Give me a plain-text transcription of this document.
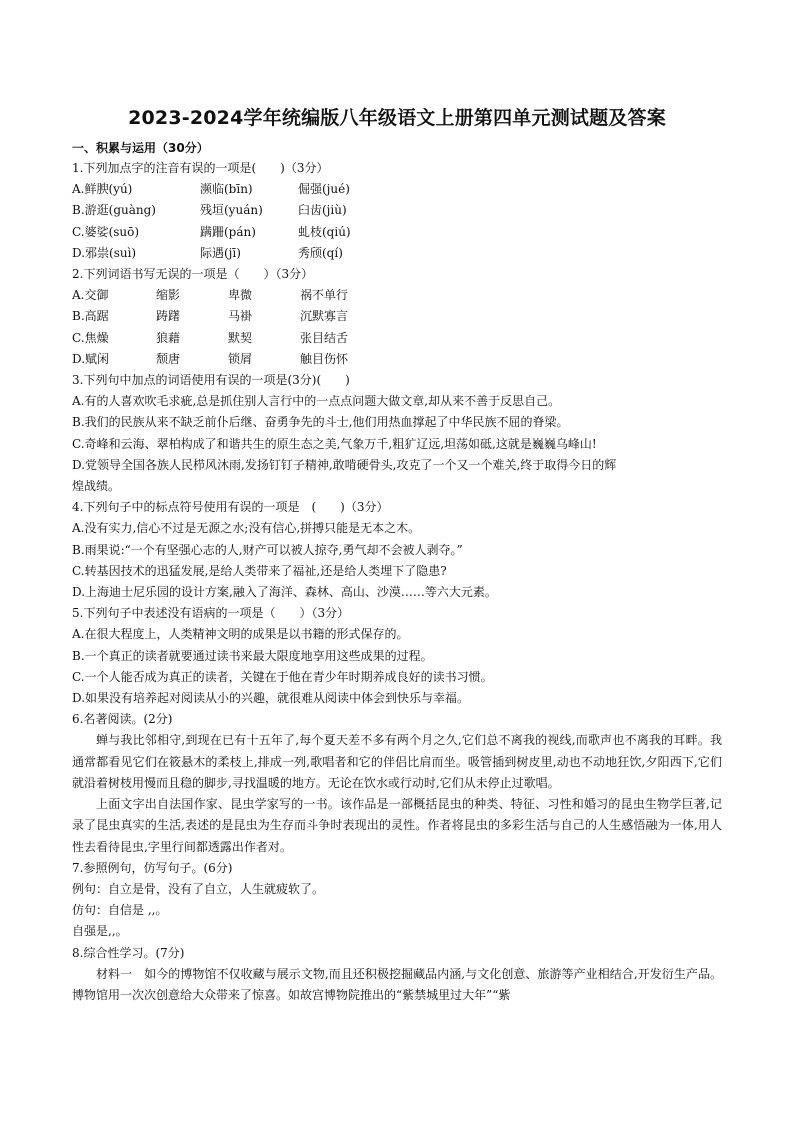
2023-2024学年统编版八年级语文上册第四单元测试题及答案
一、积累与运用（30分）
1.下列加点字的注音有误的一项是(　　)（3分）
A.鲜腴(yú)	濒临(bīn)	倔强(jué)
B.游逛(guàng)	残垣(yuán)	臼齿(jiù)
C.婆娑(suō)	蹒跚(pán)	虬枝(qiú)
D.邪祟(suì)	际遇(jī)	秀颀(qí)
2.下列词语书写无误的一项是（　　）（3分）
A.交御	缩影	卑微	祸不单行
B.高踞	踌躇	马褂	沉默寡言
C.焦燥	狼藉	默契	张目结舌
D.赋闲	颓唐	锁屑	触目伤怀
3.下列句中加点的词语使用有误的一项是(3分)(　　)
A.有的人喜欢吹毛求疵,总是抓住别人言行中的一点点问题大做文章,却从来不善于反思自己。
B.我们的民族从来不缺乏前仆后继、奋勇争先的斗士,他们用热血撑起了中华民族不屈的脊梁。
C.奇峰和云海、翠柏构成了和谐共生的原生态之美,气象万千,粗犷辽远,坦荡如砥,这就是巍巍乌峰山!
D.党领导全国各族人民栉风沐雨,发扬钉钉子精神,敢啃硬骨头,攻克了一个又一个难关,终于取得今日的辉
煌战绩。
4.下列句子中的标点符号使用有误的一项是　(　　)（3分）
A.没有实力,信心不过是无源之水;没有信心,拼搏只能是无本之木。
B.雨果说:“一个有坚强心志的人,财产可以被人掠夺,勇气却不会被人剥夺。”
C.转基因技术的迅猛发展,是给人类带来了福祉,还是给人类埋下了隐患?
D.上海迪士尼乐园的设计方案,融入了海洋、森林、高山、沙漠……等六大元素。
5.下列句子中表述没有语病的一项是（　　）（3分）
A.在很大程度上，人类精神文明的成果是以书籍的形式保存的。
B.一个真正的读者就要通过读书来最大限度地享用这些成果的过程。
C.一个人能否成为真正的读者，关键在于他在青少年时期养成良好的读书习惯。
D.如果没有培养起对阅读从小的兴趣，就很难从阅读中体会到快乐与幸福。
6.名著阅读。(2分)
蝉与我比邻相守,到现在已有十五年了,每个夏天差不多有两个月之久,它们总不离我的视线,而歌声也不离我的耳畔。我通常都看见它们在筱悬木的柔枝上,排成一列,歌唱者和它的伴侣比肩而坐。吸管插到树皮里,动也不动地狂饮,夕阳西下,它们就沿着树枝用慢而且稳的脚步,寻找温暖的地方。无论在饮水或行动时,它们从未停止过歌唱。
上面文字出自法国作家、昆虫学家写的一书。该作品是一部概括昆虫的种类、特征、习性和婚习的昆虫生物学巨著,记录了昆虫真实的生活,表述的是昆虫为生存而斗争时表现出的灵性。作者将昆虫的多彩生活与自己的人生感悟融为一体,用人性去看待昆虫,字里行间都透露出作者对。
7.参照例句，仿写句子。(6分)
例句：自立是骨，没有了自立，人生就疲软了。
仿句：自信是 ,,。
自强是,,。
8.综合性学习。(7分)
材料一　如今的博物馆不仅收藏与展示文物,而且还积极挖掘藏品内涵,与文化创意、旅游等产业相结合,开发衍生产品。博物馆用一次次创意给大众带来了惊喜。如故宫博物院推出的“紫禁城里过大年”“紫
